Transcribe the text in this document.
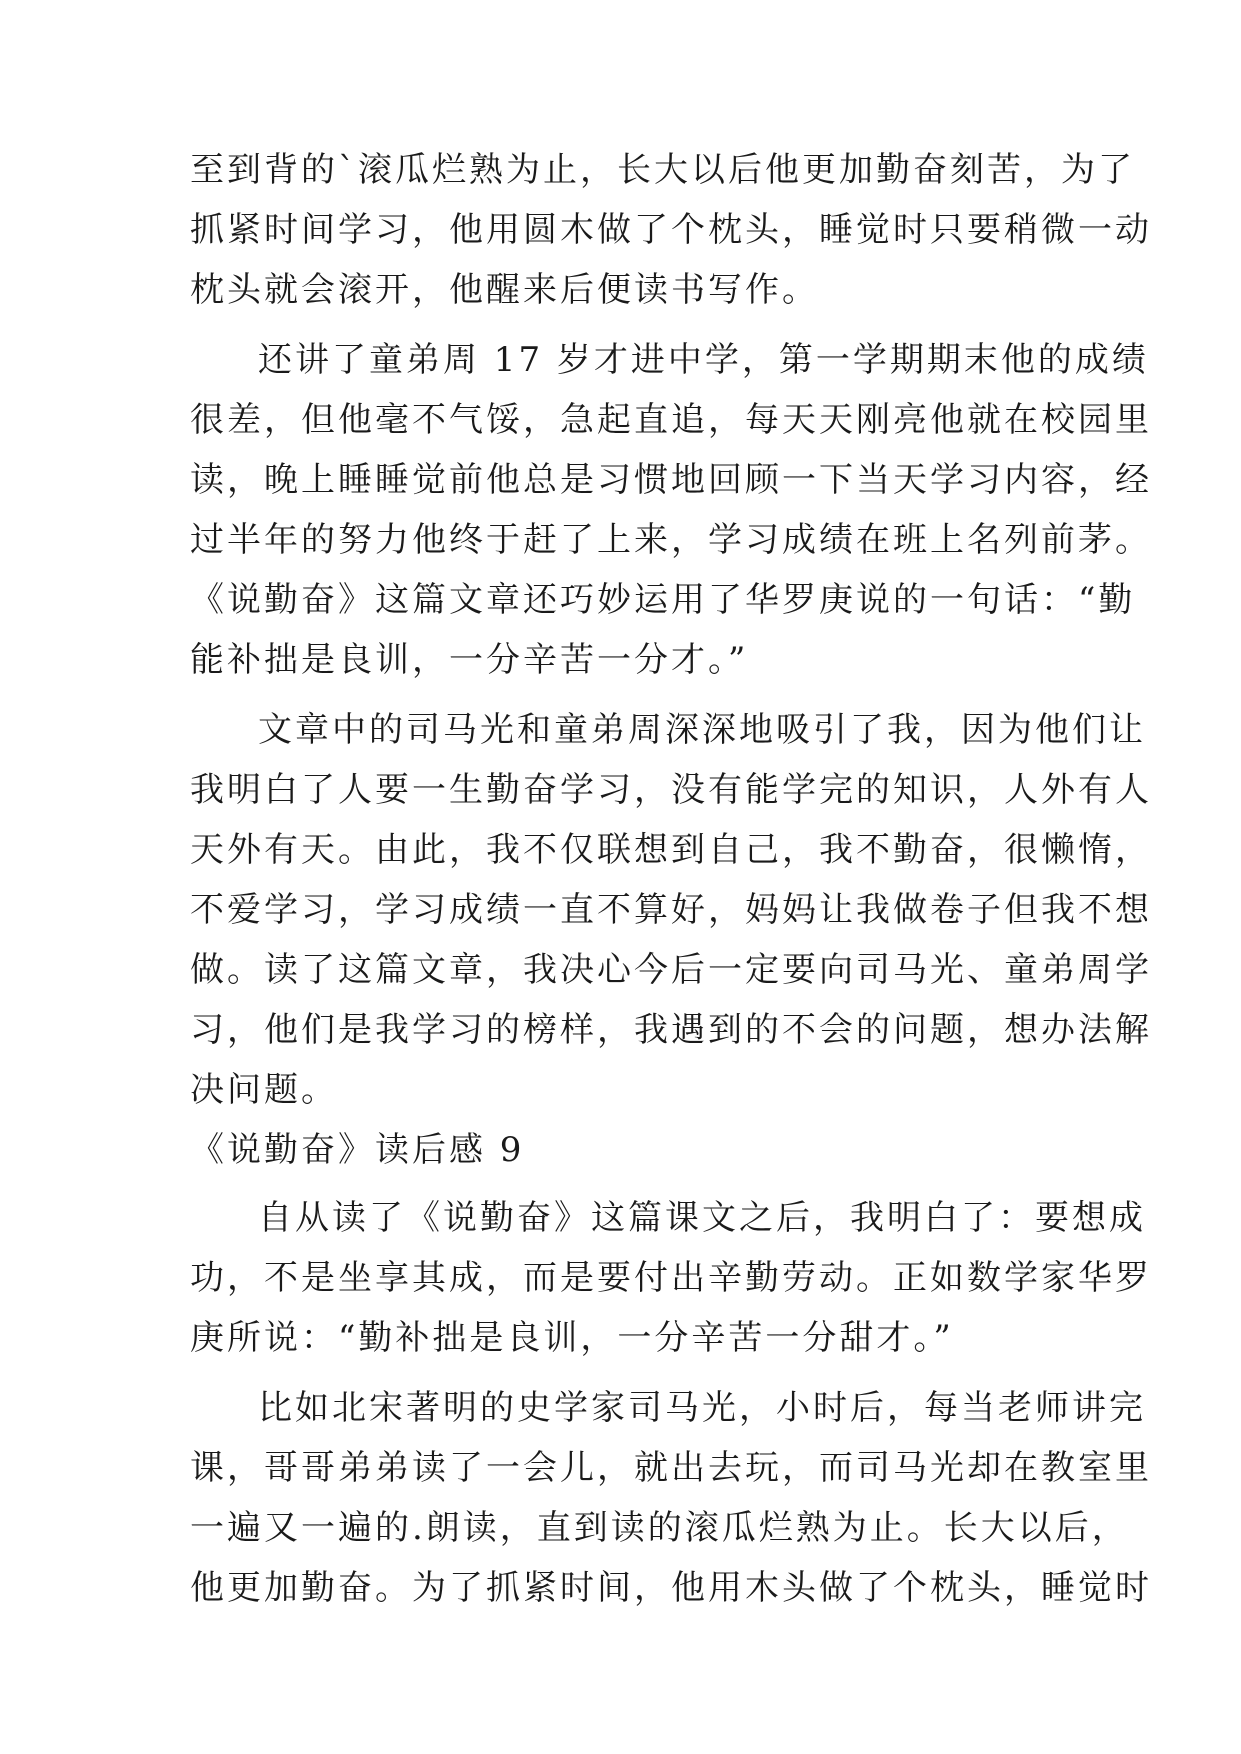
至到背的`滚瓜烂熟为止，长大以后他更加勤奋刻苦，为了
抓紧时间学习，他用圆木做了个枕头，睡觉时只要稍微一动
枕头就会滚开，他醒来后便读书写作。
还讲了童弟周 17 岁才进中学，第一学期期末他的成绩
很差，但他毫不气馁，急起直追，每天天刚亮他就在校园里
读，晚上睡睡觉前他总是习惯地回顾一下当天学习内容，经
过半年的努力他终于赶了上来，学习成绩在班上名列前茅。
《说勤奋》这篇文章还巧妙运用了华罗庚说的一句话：“勤
能补拙是良训，一分辛苦一分才。”
文章中的司马光和童弟周深深地吸引了我，因为他们让
我明白了人要一生勤奋学习，没有能学完的知识，人外有人
天外有天。由此，我不仅联想到自己，我不勤奋，很懒惰，
不爱学习，学习成绩一直不算好，妈妈让我做卷子但我不想
做。读了这篇文章，我决心今后一定要向司马光、童弟周学
习，他们是我学习的榜样，我遇到的不会的问题，想办法解
决问题。
《说勤奋》读后感 9
自从读了《说勤奋》这篇课文之后，我明白了：要想成
功，不是坐享其成，而是要付出辛勤劳动。正如数学家华罗
庚所说：“勤补拙是良训，一分辛苦一分甜才。”
比如北宋著明的史学家司马光，小时后，每当老师讲完
课，哥哥弟弟读了一会儿，就出去玩，而司马光却在教室里
一遍又一遍的.朗读，直到读的滚瓜烂熟为止。长大以后，
他更加勤奋。为了抓紧时间，他用木头做了个枕头，睡觉时
